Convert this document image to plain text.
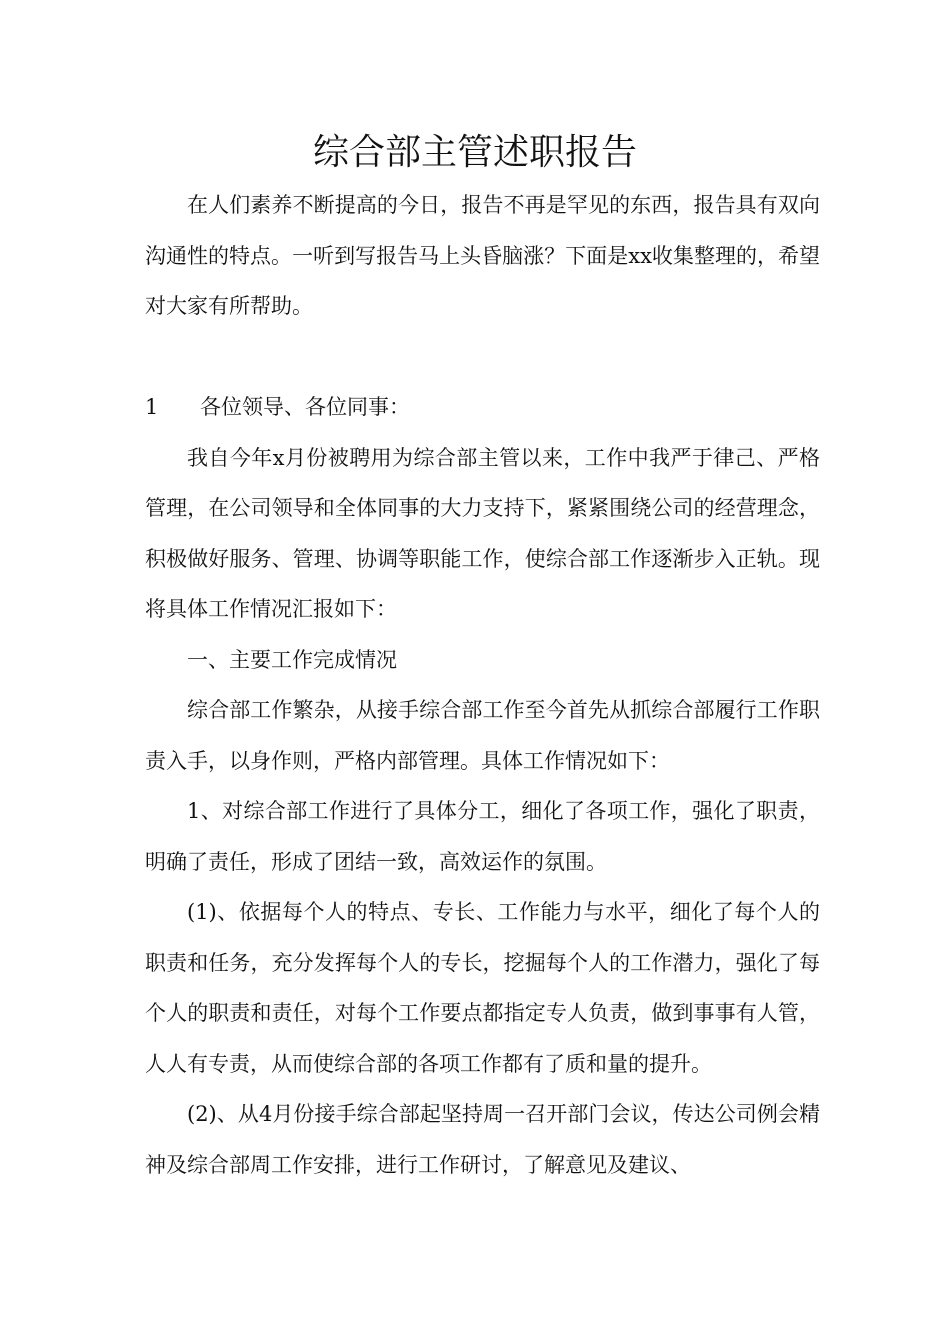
综合部主管述职报告

在人们素养不断提高的今日，报告不再是罕见的东西，报告具有双向沟通性的特点。一听到写报告马上头昏脑涨？下面是xx收集整理的，希望对大家有所帮助。

1 各位领导、各位同事：

我自今年x月份被聘用为综合部主管以来，工作中我严于律己、严格管理，在公司领导和全体同事的大力支持下，紧紧围绕公司的经营理念，积极做好服务、管理、协调等职能工作，使综合部工作逐渐步入正轨。现将具体工作情况汇报如下：

一、主要工作完成情况

综合部工作繁杂，从接手综合部工作至今首先从抓综合部履行工作职责入手，以身作则，严格内部管理。具体工作情况如下：

1、对综合部工作进行了具体分工，细化了各项工作，强化了职责，明确了责任，形成了团结一致，高效运作的氛围。

(1)、依据每个人的特点、专长、工作能力与水平，细化了每个人的职责和任务，充分发挥每个人的专长，挖掘每个人的工作潜力，强化了每个人的职责和责任，对每个工作要点都指定专人负责，做到事事有人管，人人有专责，从而使综合部的各项工作都有了质和量的提升。

(2)、从4月份接手综合部起坚持周一召开部门会议，传达公司例会精神及综合部周工作安排，进行工作研讨，了解意见及建议、
